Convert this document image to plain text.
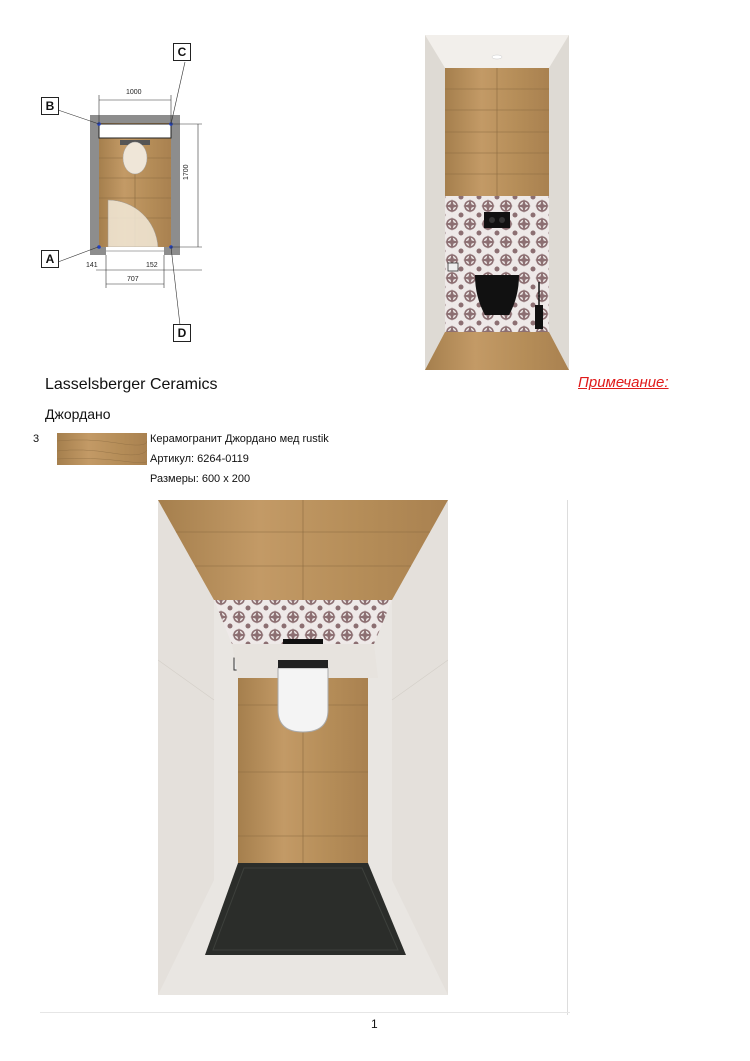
1000
1700
141	152
707
A
B
C
D
Lasselsberger Ceramics	Примечание:
Джордано
3	Керамогранит Джордано мед rustik
Артикул: 6264-0119
Размеры: 600 x 200
1
